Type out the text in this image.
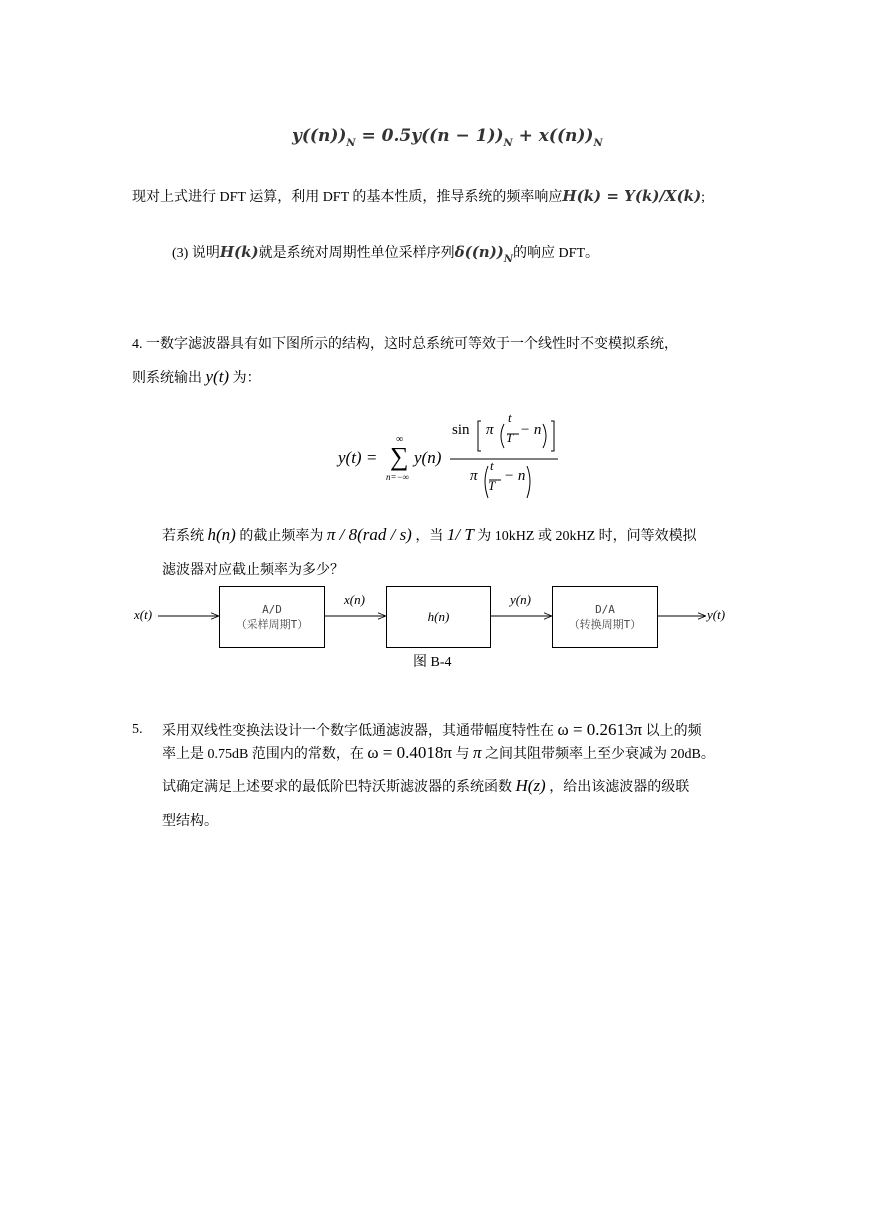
$y((n))_N = 0.5y((n - 1))_N + x((n))_N$
现对上式进行 DFT 运算，利用 DFT 的基本性质，推导系统的频率响应H(k) = Y(k)/X(k);
(3) 说明H(k)就是系统对周期性单位采样序列$\delta((n))_N$的响应 DFT。
4. 一数字滤波器具有如下图所示的结构，这时总系统可等效于一个线性时不变模拟系统，
则系统输出 y(t) 为：
y(t) =
∞
∑
n=−∞
y(n)
sin π
t
T − n
π
t
T
− n
若系统 h(n) 的截止频率为 π / 8(rad / s) ，当 1/ T 为 10kHZ 或 20kHZ 时，问等效模拟
滤波器对应截止频率为多少？
x(t)	A/D
（采样周期T）
x(n)
h(n)
y(n)
D/A
（转换周期T）
y(t)
图 B-4
5. 采用双线性变换法设计一个数字低通滤波器，其通带幅度特性在 ω = 0.2613π 以上的频
率上是 0.75dB 范围内的常数，在 ω = 0.4018π 与 π 之间其阻带频率上至少衰减为 20dB。
试确定满足上述要求的最低阶巴特沃斯滤波器的系统函数 H(z) ，给出该滤波器的级联
型结构。
